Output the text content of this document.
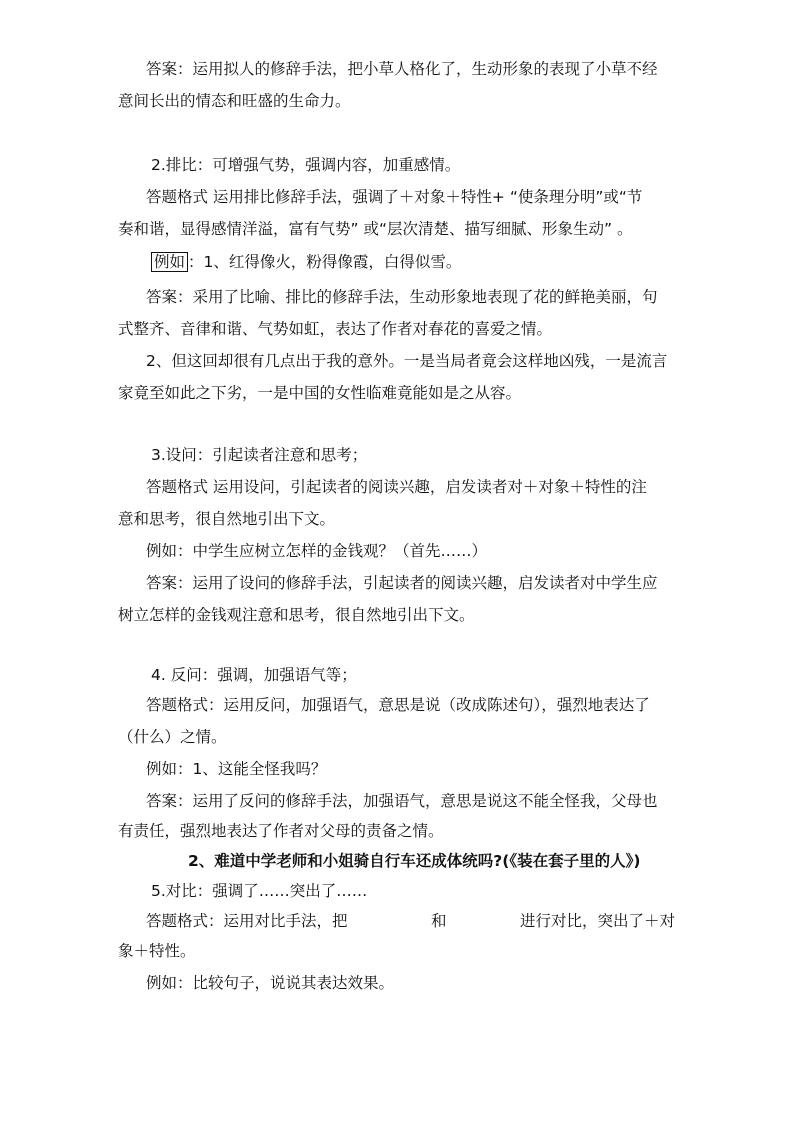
答案：运用拟人的修辞手法，把小草人格化了，生动形象的表现了小草不经
意间长出的情态和旺盛的生命力。
2.排比：可增强气势，强调内容，加重感情。
答题格式 运用排比修辞手法，强调了＋对象＋特性+ “使条理分明”或“节
奏和谐，显得感情洋溢，富有气势” 或“层次清楚、描写细腻、形象生动” 。
例如 ：1、红得像火，粉得像霞，白得似雪。
答案：采用了比喻、排比的修辞手法，生动形象地表现了花的鲜艳美丽，句
式整齐、音律和谐、气势如虹，表达了作者对春花的喜爱之情。
2、但这回却很有几点出于我的意外。一是当局者竟会这样地凶残，一是流言
家竟至如此之下劣，一是中国的女性临难竟能如是之从容。
3.设问：引起读者注意和思考；
答题格式 运用设问，引起读者的阅读兴趣，启发读者对＋对象＋特性的注
意和思考，很自然地引出下文。
例如：中学生应树立怎样的金钱观？（首先……）
答案：运用了设问的修辞手法，引起读者的阅读兴趣，启发读者对中学生应
树立怎样的金钱观注意和思考，很自然地引出下文。
4. 反问：强调，加强语气等；
答题格式：运用反问，加强语气，意思是说（改成陈述句），强烈地表达了
（什么）之情。
例如：1、这能全怪我吗？
答案：运用了反问的修辞手法，加强语气，意思是说这不能全怪我，父母也
有责任，强烈地表达了作者对父母的责备之情。
2、难道中学老师和小姐骑自行车还成体统吗?(《装在套子里的人》)
5.对比：强调了……突出了……
答题格式：运用对比手法，把	和	进行对比，突出了＋对
象＋特性。
例如：比较句子，说说其表达效果。
